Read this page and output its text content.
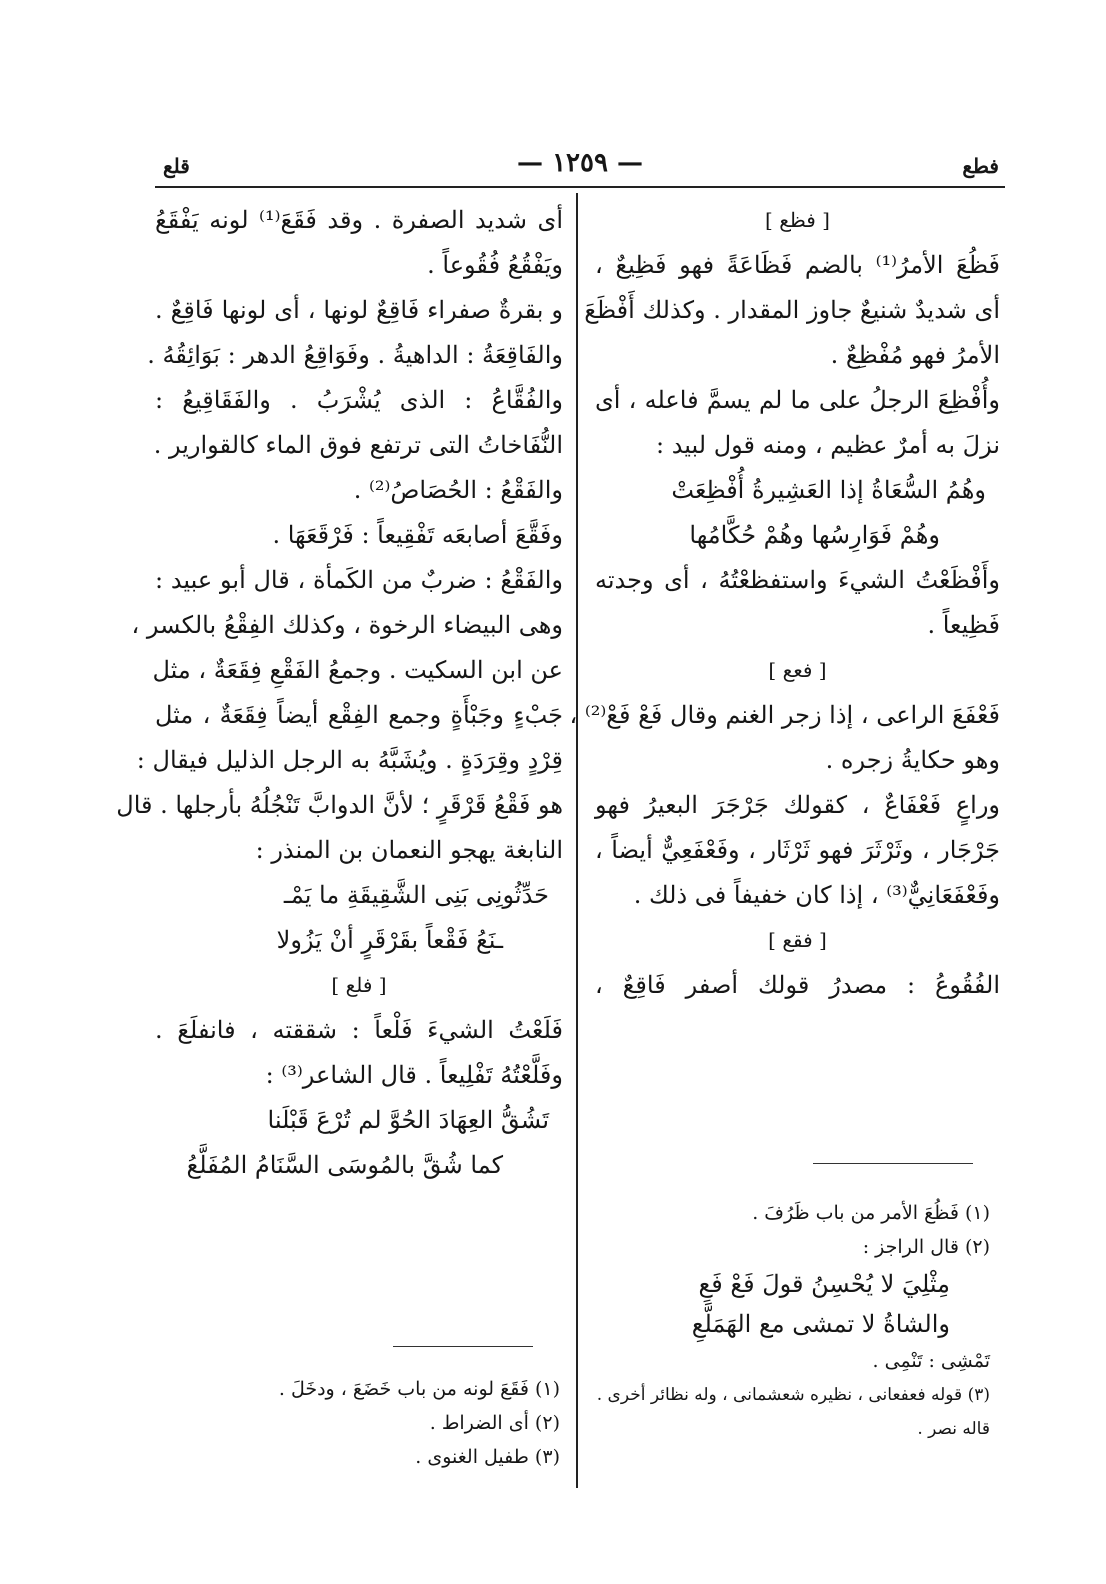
فطع
— ١٢٥٩ —
قلع
[ فظع ]
فَظُعَ الأمرُ⁽¹⁾ بالضم فَظَاعَةً فهو فَظِيعٌ ،
أى شديدٌ شنيعٌ جاوز المقدار . وكذلك أَفْظَعَ
الأمرُ فهو مُفْظِعٌ .
وأُفْظِعَ الرجلُ على ما لم يسمَّ فاعله ، أى
نزلَ به أمرٌ عظيم ، ومنه قول لبيد :
وهُمُ السُّعَاةُ إذا العَشِيرةُ أُفْظِعَتْ
وهُمْ فَوَارِسُها وهُمْ حُكَّامُها
وأَفْظَعْتُ الشيءَ واستفظعْتُهُ ، أى وجدته
فَظِيعاً .
[ فعع ]
فَعْفَعَ الراعى ، إذا زجر الغنم وقال فَعْ فَعْ⁽²⁾ ،
وهو حكايةُ زجره .
وراعٍ فَعْفَاعٌ ، كقولك جَرْجَرَ البعيرُ فهو
جَرْجَار ، وثَرْثَرَ فهو ثَرْثَار ، وفَعْفَعِيٌّ أيضاً ،
وفَعْفَعَانِيٌّ⁽³⁾ ، إذا كان خفيفاً فى ذلك .
[ فقع ]
الفُقُوعُ : مصدرُ قولك أصفر فَاقِعٌ ،
(١) فَظُعَ الأمر من باب ظَرُفَ .
(٢) قال الراجز :
مِثْلِيَ لا يُحْسِنُ قولَ فَعْ فَعِ
والشاةُ لا تمشى مع الهَمَلَّعِ
تَمْشِى : تَنْمِى .
(٣) قوله فعفعانى ، نظيره شعشمانى ، وله نظائر أخرى .
قاله نصر .
أى شديد الصفرة . وقد فَقَعَ⁽¹⁾ لونه يَفْقَعُ
ويَفْقُعُ فُقُوعاً .
و بقرةٌ صفراء فَاقِعٌ لونها ، أى لونها فَاقِعٌ .
والفَاقِعَةُ : الداهيةُ . وفَوَاقِعُ الدهر : بَوَائِقُهُ .
والفُقَّاعُ : الذى يُشْرَبُ . والفَقَاقِيعُ :
النُّفَاخاتُ التى ترتفع فوق الماء كالقوارير .
والفَقْعُ : الحُصَاصُ⁽²⁾ .
وفَقَّعَ أصابعَه تَفْقِيعاً : فَرْقَعَهَا .
والفَقْعُ : ضربٌ من الكَمأة ، قال أبو عبيد :
وهى البيضاء الرخوة ، وكذلك الفِقْعُ بالكسر ،
عن ابن السكيت . وجمعُ الفَقْعِ فِقَعَةٌ ، مثل
جَبْءٍ وجَبْأَةٍ وجمع الفِقْع أيضاً فِقَعَةٌ ، مثل
قِرْدٍ وقِرَدَةٍ . ويُشَبَّهُ به الرجل الذليل فيقال :
هو فَقْعُ قَرْقَرٍ ؛ لأنَّ الدوابَّ تَنْجُلُهُ بأرجلها . قال
النابغة يهجو النعمان بن المنذر :
حَدِّثُونِى بَنِى الشَّقِيقَةِ ما يَمْـ
ـنَعُ فَقْعاً بقَرْقَرٍ أنْ يَزُولا
[ فلع ]
فَلَعْتُ الشيءَ فَلْعاً : شققته ، فانفلَعَ .
وفَلَّعْتُهُ تَفْلِيعاً . قال الشاعر⁽³⁾ :
تَشُقُّ العِهَادَ الحُوَّ لم تُرْعَ قَبْلَنا
كما شُقَّ بالمُوسَى السَّنَامُ المُفَلَّعُ
(١) فَقَعَ لونه من باب خَضَعَ ، ودخَلَ .
(٢) أى الضراط .
(٣) طفيل الغنوى .
